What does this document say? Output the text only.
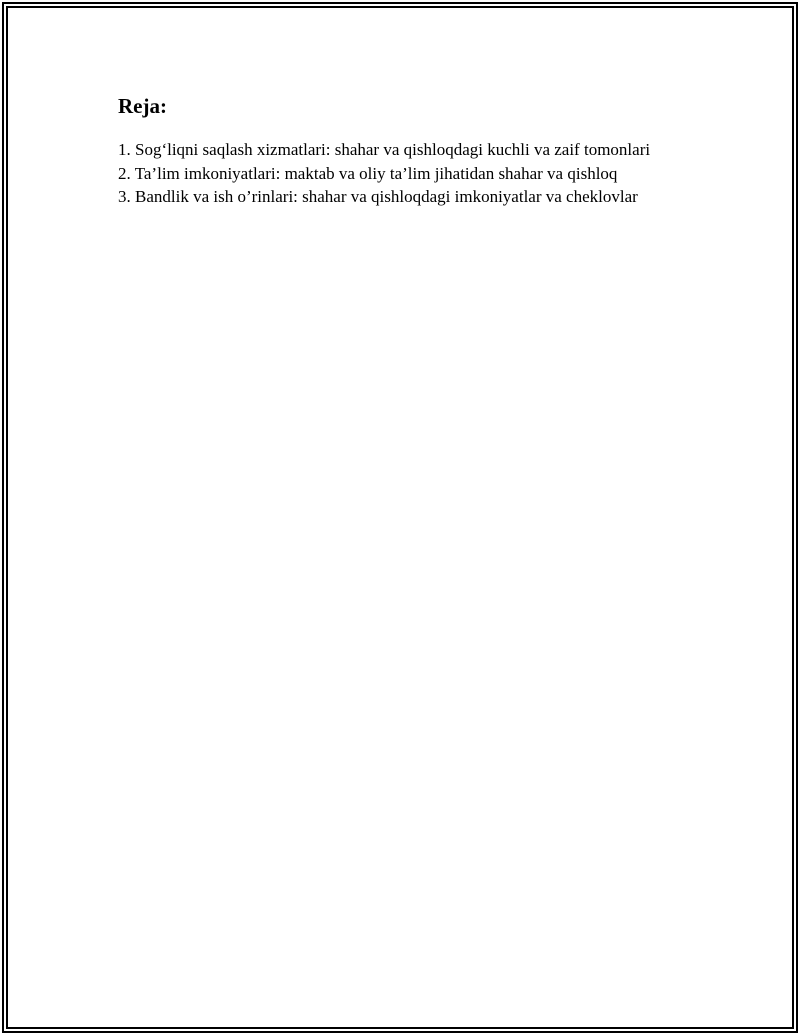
Reja:
1. Sog‘liqni saqlash xizmatlari: shahar va qishloqdagi kuchli va zaif tomonlari
2. Ta’lim imkoniyatlari: maktab va oliy ta’lim jihatidan shahar va qishloq
3. Bandlik va ish o’rinlari: shahar va qishloqdagi imkoniyatlar va cheklovlar
